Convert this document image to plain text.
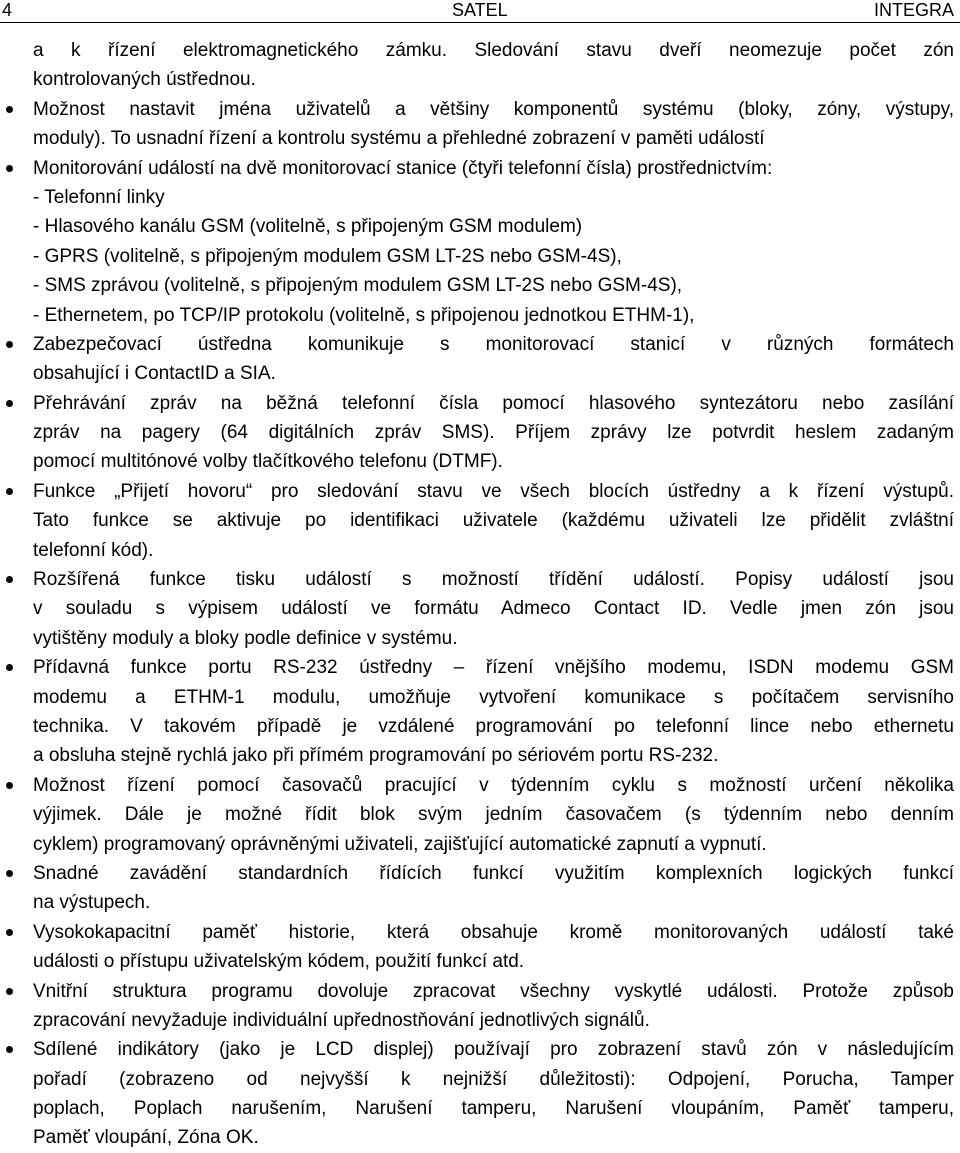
4	SATEL	INTEGRA
a k řízení elektromagnetického zámku. Sledování stavu dveří neomezuje počet zón
kontrolovaných ústřednou.
Možnost nastavit jména uživatelů a většiny komponentů systému (bloky, zóny, výstupy,
moduly). To usnadní řízení a kontrolu systému a přehledné zobrazení v paměti událostí
Monitorování událostí na dvě monitorovací stanice (čtyři telefonní čísla) prostřednictvím:
- Telefonní linky
- Hlasového kanálu GSM (volitelně, s připojeným GSM modulem)
- GPRS (volitelně, s připojeným modulem GSM LT-2S nebo GSM-4S),
- SMS zprávou (volitelně, s připojeným modulem GSM LT-2S nebo GSM-4S),
- Ethernetem, po TCP/IP protokolu (volitelně, s připojenou jednotkou ETHM-1),
Zabezpečovací ústředna komunikuje s monitorovací stanicí v různých formátech
obsahující i ContactID a SIA.
Přehrávání zpráv na běžná telefonní čísla pomocí hlasového syntezátoru nebo zasílání
zpráv na pagery (64 digitálních zpráv SMS). Příjem zprávy lze potvrdit heslem zadaným
pomocí multitónové volby tlačítkového telefonu (DTMF).
Funkce „Přijetí hovoru“ pro sledování stavu ve všech blocích ústředny a k řízení výstupů.
Tato funkce se aktivuje po identifikaci uživatele (každému uživateli lze přidělit zvláštní
telefonní kód).
Rozšířená funkce tisku událostí s možností třídění událostí. Popisy událostí jsou
v souladu s výpisem událostí ve formátu Admeco Contact ID. Vedle jmen zón jsou
vytištěny moduly a bloky podle definice v systému.
Přídavná funkce portu RS-232 ústředny – řízení vnějšího modemu, ISDN modemu GSM
modemu a ETHM-1 modulu, umožňuje vytvoření komunikace s počítačem servisního
technika. V takovém případě je vzdálené programování po telefonní lince nebo ethernetu
a obsluha stejně rychlá jako při přímém programování po sériovém portu RS-232.
Možnost řízení pomocí časovačů pracující v týdenním cyklu s možností určení několika
výjimek. Dále je možné řídit blok svým jedním časovačem (s týdenním nebo denním
cyklem) programovaný oprávněnými uživateli, zajišťující automatické zapnutí a vypnutí.
Snadné zavádění standardních řídících funkcí využitím komplexních logických funkcí
na výstupech.
Vysokokapacitní paměť historie, která obsahuje kromě monitorovaných událostí také
události o přístupu uživatelským kódem, použití funkcí atd.
Vnitřní struktura programu dovoluje zpracovat všechny vyskytlé události. Protože způsob
zpracování nevyžaduje individuální upřednostňování jednotlivých signálů.
Sdílené indikátory (jako je LCD displej) používají pro zobrazení stavů zón v následujícím
pořadí (zobrazeno od nejvyšší k nejnižší důležitosti): Odpojení, Porucha, Tamper
poplach, Poplach narušením, Narušení tamperu, Narušení vloupáním, Paměť tamperu,
Paměť vloupání, Zóna OK.
